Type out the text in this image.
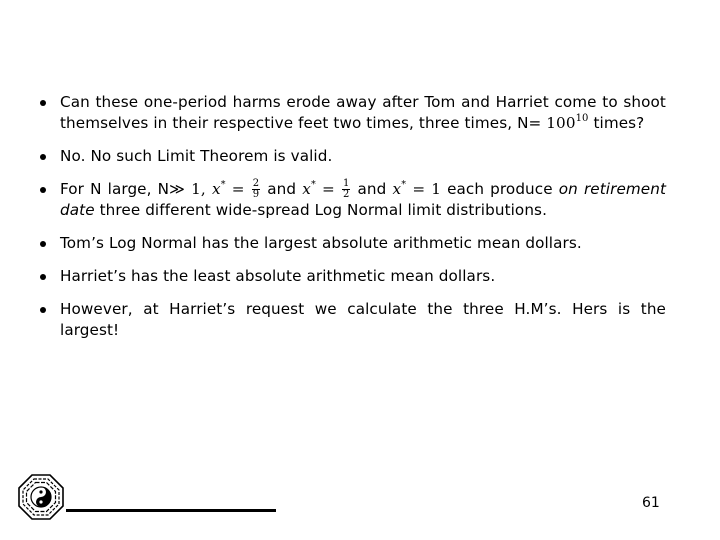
Can these one-period harms erode away after Tom and Harriet come to shoot themselves in their respective feet two times, three times, $N= 100^{10}$ times?
No. No such Limit Theorem is valid.
For N large, N≫ 1, $x^* = \frac{2}{9}$ and $x^* = \frac{1}{2}$ and x* = 1 each produce on retirement date three different wide-spread Log Normal limit distributions.
Tom’s Log Normal has the largest absolute arithmetic mean dollars.
Harriet’s has the least absolute arithmetic mean dollars.
However, at Harriet’s request we calculate the three H.M’s. Hers is the largest!
61
